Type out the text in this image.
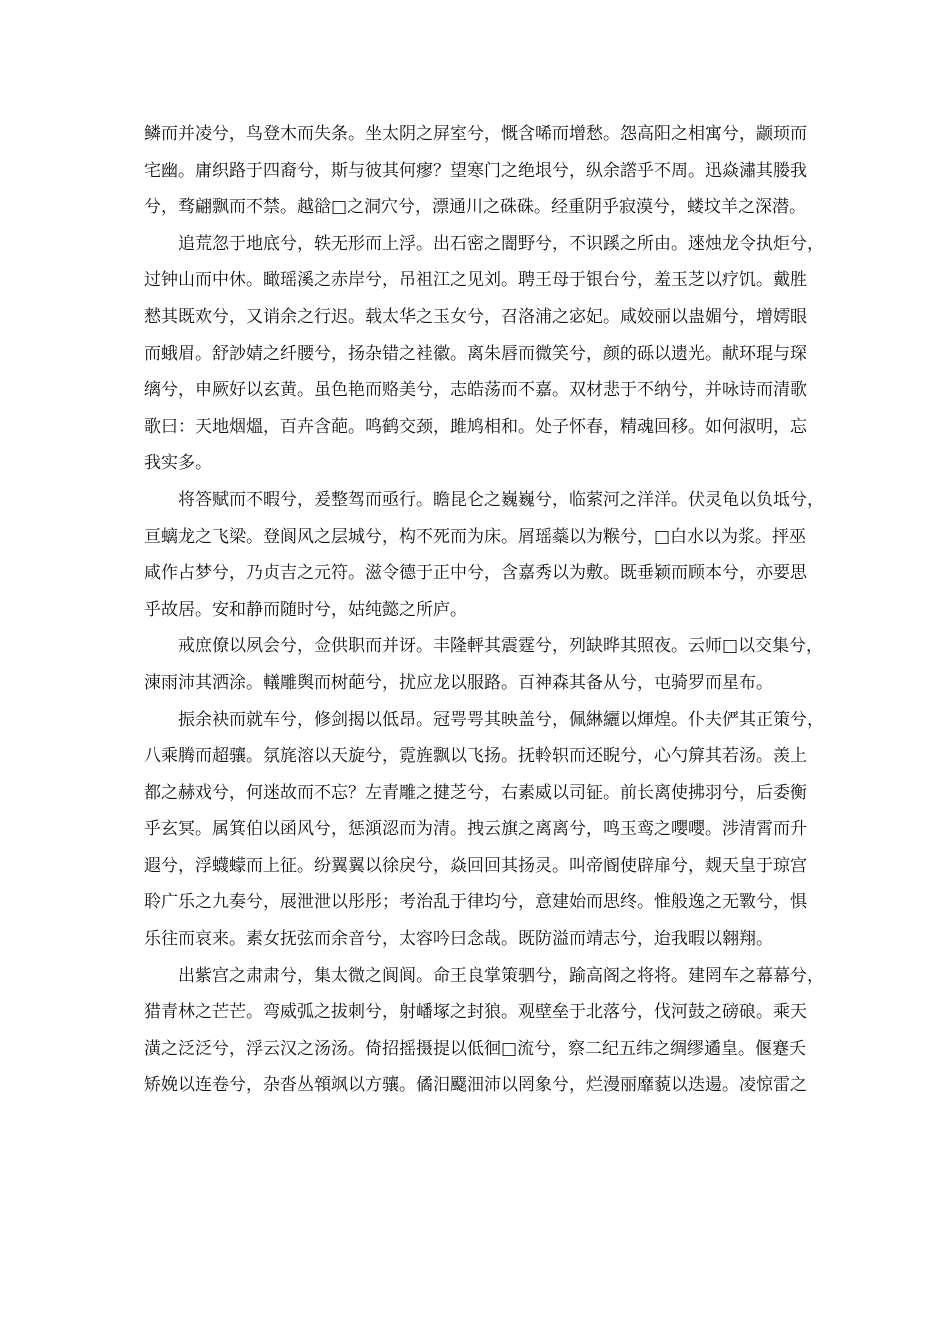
鳞而并凌兮，鸟登木而失条。坐太阴之屏室兮，慨含唏而增愁。怨高阳之相寓兮，颛顼而
宅幽。庸织路于四裔兮，斯与彼其何瘳？望寒门之绝垠兮，纵余譗乎不周。迅焱潚其媵我
兮，骛翩飘而不禁。越谽□之洞穴兮，漂通川之硃硃。经重阴乎寂漠兮，蝼坟羊之深潜。
追荒忽于地底兮，轶无形而上浮。出石密之闇野兮，不识蹊之所由。逨烛龙令执炬兮，
过钟山而中休。瞰瑶溪之赤岸兮，吊祖江之见刘。聘王母于银台兮，羞玉芝以疗饥。戴胜
慭其既欢兮，又诮余之行迟。载太华之玉女兮，召洛浦之宓妃。咸姣丽以蛊媚兮，增嫮眼
而蛾眉。舒訬婧之纤腰兮，扬杂错之袿徽。离朱唇而微笑兮，颜的砾以遗光。献环琨与琛
缡兮，申厥好以玄黄。虽色艳而赂美兮，志皓荡而不嘉。双材悲于不纳兮，并咏诗而清歌
歌曰：天地烟熅，百卉含葩。鸣鹤交颈，雎鸠相和。处子怀春，精魂回移。如何淑明，忘
我实多。
将答赋而不暇兮，爰整驾而亟行。瞻昆仑之巍巍兮，临萦河之洋洋。伏灵龟以负坻兮，
亘螭龙之飞梁。登阆风之层城兮，构不死而为床。屑瑶蘂以为糇兮，□白水以为浆。抨巫
咸作占梦兮，乃贞吉之元符。滋令德于正中兮，含嘉秀以为敷。既垂颖而顾本兮，亦要思
乎故居。安和静而随时兮，姑纯懿之所庐。
戒庶僚以夙会兮，佥供职而并讶。丰隆軯其震霆兮，列缺晔其照夜。云师□以交集兮，
涷雨沛其洒涂。轙雕舆而树葩兮，扰应龙以服路。百神森其备从兮，屯骑罗而星布。
振余袂而就车兮，修剑揭以低昂。冠咢咢其映盖兮，佩綝纚以煇煌。仆夫俨其正策兮，
八乘腾而超骧。氛旄溶以天旋兮，霓旌飘以飞扬。抚軨轵而还睨兮，心勺箳其若汤。羡上
都之赫戏兮，何迷故而不忘？左青雕之揵芝兮，右素威以司钲。前长离使拂羽兮，后委衡
乎玄冥。属箕伯以函风兮，惩澒涊而为清。拽云旗之离离兮，鸣玉鸾之嚶嚶。涉清霄而升
遐兮，浮蠛蠓而上征。纷翼翼以徐戾兮，焱回回其扬灵。叫帝阍使辟扉兮，觌天皇于琼宫
聆广乐之九奏兮，展泄泄以彤彤；考治乱于律均兮，意建始而思终。惟般逸之无斁兮，惧
乐往而哀来。素女抚弦而余音兮，太容吟曰念哉。既防溢而靖志兮，迨我暇以翱翔。
出紫宫之肃肃兮，集太微之阆阆。命王良掌策驷兮，踰高阁之将将。建罔车之幕幕兮，
猎青林之芒芒。弯威弧之拔刺兮，射嶓塚之封狼。观壁垒于北落兮，伐河鼓之磅硠。乘天
潢之泛泛兮，浮云汉之汤汤。倚招摇摄提以低徊□流兮，察二纪五纬之绸缪遹皇。偃蹇夭
矫娩以连卷兮，杂沓丛顇飒以方骧。僪汨飋沺沛以罔象兮，烂漫丽靡藐以迭逿。凌惊雷之
